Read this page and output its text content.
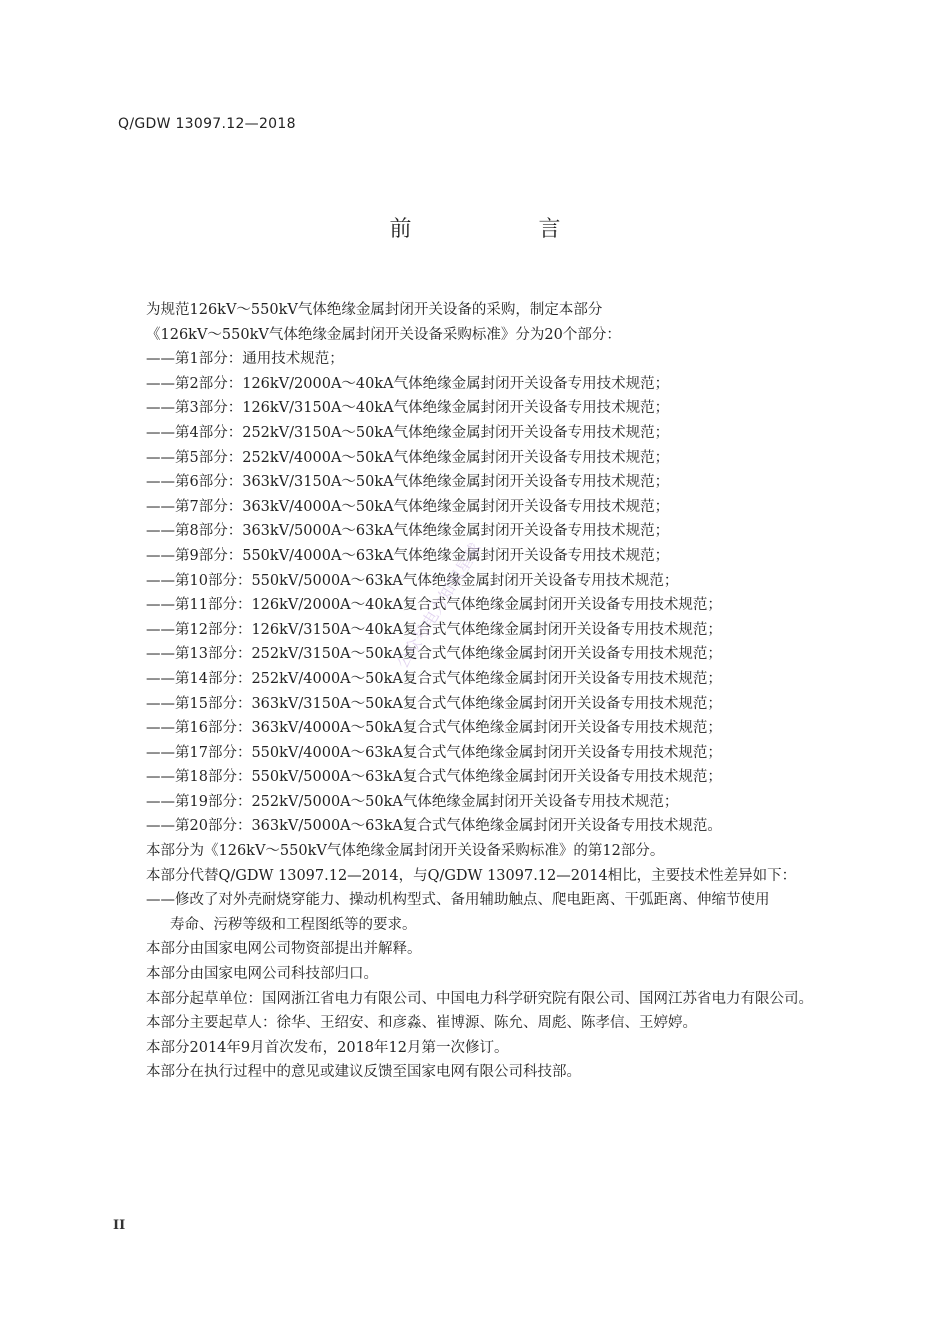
Q/GDW 13097.12—2018
前 言
为规范126kV～550kV气体绝缘金属封闭开关设备的采购，制定本部分
《126kV～550kV气体绝缘金属封闭开关设备采购标准》分为20个部分：
——第1部分：通用技术规范；
——第2部分：126kV/2000A～40kA气体绝缘金属封闭开关设备专用技术规范；
——第3部分：126kV/3150A～40kA气体绝缘金属封闭开关设备专用技术规范；
——第4部分：252kV/3150A～50kA气体绝缘金属封闭开关设备专用技术规范；
——第5部分：252kV/4000A～50kA气体绝缘金属封闭开关设备专用技术规范；
——第6部分：363kV/3150A～50kA气体绝缘金属封闭开关设备专用技术规范；
——第7部分：363kV/4000A～50kA气体绝缘金属封闭开关设备专用技术规范；
——第8部分：363kV/5000A～63kA气体绝缘金属封闭开关设备专用技术规范；
——第9部分：550kV/4000A～63kA气体绝缘金属封闭开关设备专用技术规范；
——第10部分：550kV/5000A～63kA气体绝缘金属封闭开关设备专用技术规范；
——第11部分：126kV/2000A～40kA复合式气体绝缘金属封闭开关设备专用技术规范；
——第12部分：126kV/3150A～40kA复合式气体绝缘金属封闭开关设备专用技术规范；
——第13部分：252kV/3150A～50kA复合式气体绝缘金属封闭开关设备专用技术规范；
——第14部分：252kV/4000A～50kA复合式气体绝缘金属封闭开关设备专用技术规范；
——第15部分：363kV/3150A～50kA复合式气体绝缘金属封闭开关设备专用技术规范；
——第16部分：363kV/4000A～50kA复合式气体绝缘金属封闭开关设备专用技术规范；
——第17部分：550kV/4000A～63kA复合式气体绝缘金属封闭开关设备专用技术规范；
——第18部分：550kV/5000A～63kA复合式气体绝缘金属封闭开关设备专用技术规范；
——第19部分：252kV/5000A～50kA气体绝缘金属封闭开关设备专用技术规范；
——第20部分：363kV/5000A～63kA复合式气体绝缘金属封闭开关设备专用技术规范。
本部分为《126kV～550kV气体绝缘金属封闭开关设备采购标准》的第12部分。
本部分代替Q/GDW 13097.12—2014，与Q/GDW 13097.12—2014相比，主要技术性差异如下：
——修改了对外壳耐烧穿能力、操动机构型式、备用辅助触点、爬电距离、干弧距离、伸缩节使用
寿命、污秽等级和工程图纸等的要求。
本部分由国家电网公司物资部提出并解释。
本部分由国家电网公司科技部归口。
本部分起草单位：国网浙江省电力有限公司、中国电力科学研究院有限公司、国网江苏省电力有限公司。
本部分主要起草人：徐华、王绍安、和彦淼、崔博源、陈允、周彪、陈孝信、王婷婷。
本部分2014年9月首次发布，2018年12月第一次修订。
本部分在执行过程中的意见或建议反馈至国家电网有限公司科技部。
公众号电力知识星球
II
